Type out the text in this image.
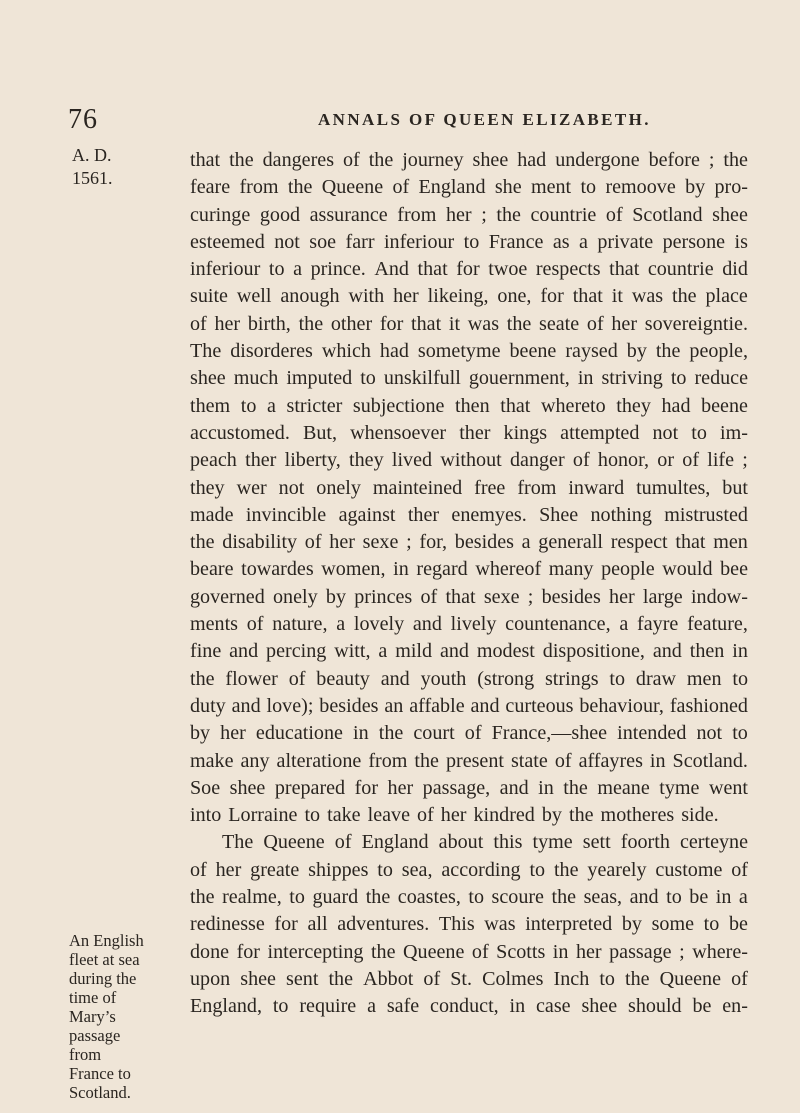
76	ANNALS OF QUEEN ELIZABETH.
A. D.
1561.
An English
fleet at sea
during the
time of
Mary’s
passage
from
France to
Scotland.
that the dangeres of the journey shee had undergone before ; the
feare from the Queene of England she ment to remoove by pro-
curinge good assurance from her ; the countrie of Scotland shee
esteemed not soe farr inferiour to France as a private persone is
inferiour to a prince. And that for twoe respects that countrie did
suite well anough with her likeing, one, for that it was the place
of her birth, the other for that it was the seate of her sovereigntie.
The disorderes which had sometyme beene raysed by the people,
shee much imputed to unskilfull gouernment, in striving to reduce
them to a stricter subjectione then that whereto they had beene
accustomed. But, whensoever ther kings attempted not to im-
peach ther liberty, they lived without danger of honor, or of life ;
they wer not onely mainteined free from inward tumultes, but
made invincible against ther enemyes. Shee nothing mistrusted
the disability of her sexe ; for, besides a generall respect that men
beare towardes women, in regard whereof many people would bee
governed onely by princes of that sexe ; besides her large indow-
ments of nature, a lovely and lively countenance, a fayre feature,
fine and percing witt, a mild and modest dispositione, and then in
the flower of beauty and youth (strong strings to draw men to
duty and love); besides an affable and curteous behaviour, fashioned
by her educatione in the court of France,—shee intended not to
make any alteratione from the present state of affayres in Scotland.
Soe shee prepared for her passage, and in the meane tyme went
into Lorraine to take leave of her kindred by the motheres side.
The Queene of England about this tyme sett foorth certeyne
of her greate shippes to sea, according to the yearely custome of
the realme, to guard the coastes, to scoure the seas, and to be in a
redinesse for all adventures. This was interpreted by some to be
done for intercepting the Queene of Scotts in her passage ; where-
upon shee sent the Abbot of St. Colmes Inch to the Queene of
England, to require a safe conduct, in case shee should be en-
